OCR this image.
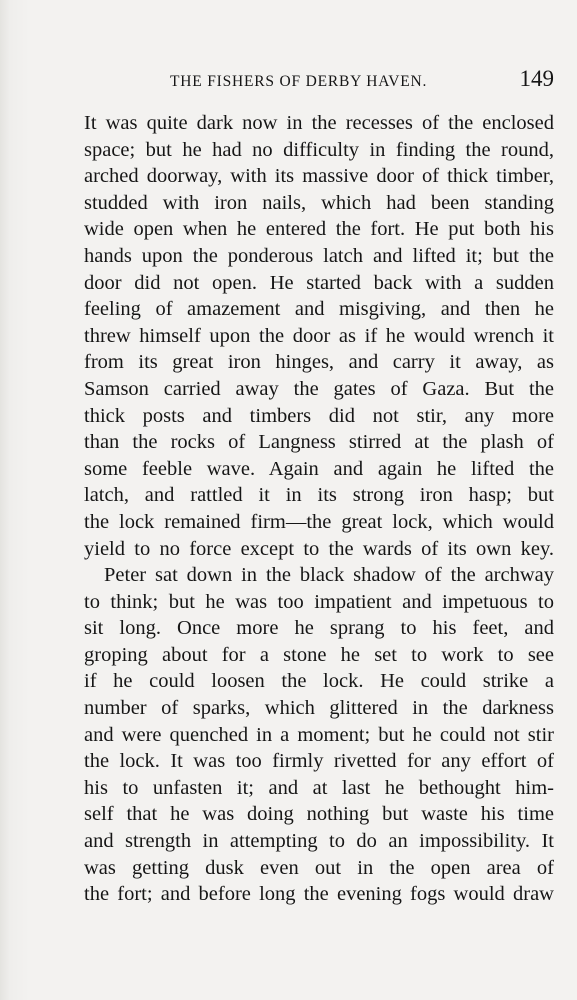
THE FISHERS OF DERBY HAVEN.	149
It was quite dark now in the recesses of the enclosed
space; but he had no difficulty in finding the round,
arched doorway, with its massive door of thick timber,
studded with iron nails, which had been standing
wide open when he entered the fort. He put both his
hands upon the ponderous latch and lifted it; but the
door did not open. He started back with a sudden
feeling of amazement and misgiving, and then he
threw himself upon the door as if he would wrench it
from its great iron hinges, and carry it away, as
Samson carried away the gates of Gaza. But the
thick posts and timbers did not stir, any more
than the rocks of Langness stirred at the plash of
some feeble wave. Again and again he lifted the
latch, and rattled it in its strong iron hasp; but
the lock remained firm—the great lock, which would
yield to no force except to the wards of its own key.
Peter sat down in the black shadow of the archway
to think; but he was too impatient and impetuous to
sit long. Once more he sprang to his feet, and
groping about for a stone he set to work to see
if he could loosen the lock. He could strike a
number of sparks, which glittered in the darkness
and were quenched in a moment; but he could not stir
the lock. It was too firmly rivetted for any effort of
his to unfasten it; and at last he bethought him-
self that he was doing nothing but waste his time
and strength in attempting to do an impossibility. It
was getting dusk even out in the open area of
the fort; and before long the evening fogs would draw
